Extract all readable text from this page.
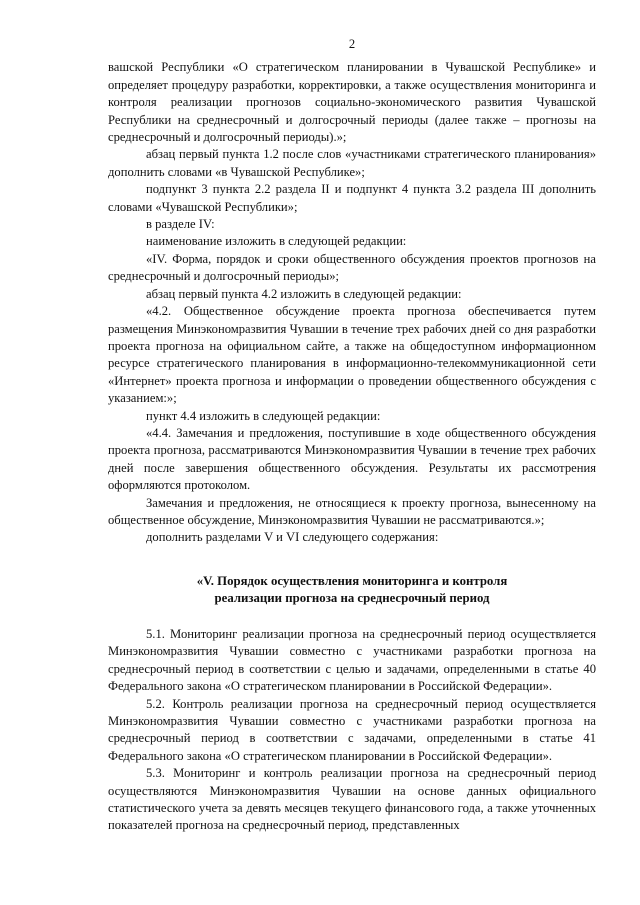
2

вашской Республики «О стратегическом планировании в Чувашской Республике» и определяет процедуру разработки, корректировки, а также осуществления мониторинга и контроля реализации прогнозов социально-экономического развития Чувашской Республики на среднесрочный и долгосрочный периоды (далее также – прогнозы на среднесрочный и долгосрочный периоды).»;

абзац первый пункта 1.2 после слов «участниками стратегического планирования» дополнить словами «в Чувашской Республике»;

подпункт 3 пункта 2.2 раздела II и подпункт 4 пункта 3.2 раздела III дополнить словами «Чувашской Республики»;

в разделе IV:

наименование изложить в следующей редакции:

«IV. Форма, порядок и сроки общественного обсуждения проектов прогнозов на среднесрочный и долгосрочный периоды»;

абзац первый пункта 4.2 изложить в следующей редакции:

«4.2. Общественное обсуждение проекта прогноза обеспечивается путем размещения Минэкономразвития Чувашии в течение трех рабочих дней со дня разработки проекта прогноза на официальном сайте, а также на общедоступном информационном ресурсе стратегического планирования в информационно-телекоммуникационной сети «Интернет» проекта прогноза и информации о проведении общественного обсуждения с указанием:»;

пункт 4.4 изложить в следующей редакции:

«4.4. Замечания и предложения, поступившие в ходе общественного обсуждения проекта прогноза, рассматриваются Минэкономразвития Чувашии в течение трех рабочих дней после завершения общественного обсуждения. Результаты их рассмотрения оформляются протоколом.

Замечания и предложения, не относящиеся к проекту прогноза, вынесенному на общественное обсуждение, Минэкономразвития Чувашии не рассматриваются.»;

дополнить разделами V и VI следующего содержания:

«V. Порядок осуществления мониторинга и контроля
реализации прогноза на среднесрочный период

5.1. Мониторинг реализации прогноза на среднесрочный период осуществляется Минэкономразвития Чувашии совместно с участниками разработки прогноза на среднесрочный период в соответствии с целью и задачами, определенными в статье 40 Федерального закона «О стратегическом планировании в Российской Федерации».

5.2. Контроль реализации прогноза на среднесрочный период осуществляется Минэкономразвития Чувашии совместно с участниками разработки прогноза на среднесрочный период в соответствии с задачами, определенными в статье 41 Федерального закона «О стратегическом планировании в Российской Федерации».

5.3. Мониторинг и контроль реализации прогноза на среднесрочный период осуществляются Минэкономразвития Чувашии на основе данных официального статистического учета за девять месяцев текущего финансового года, а также уточненных показателей прогноза на среднесрочный период, представленных
